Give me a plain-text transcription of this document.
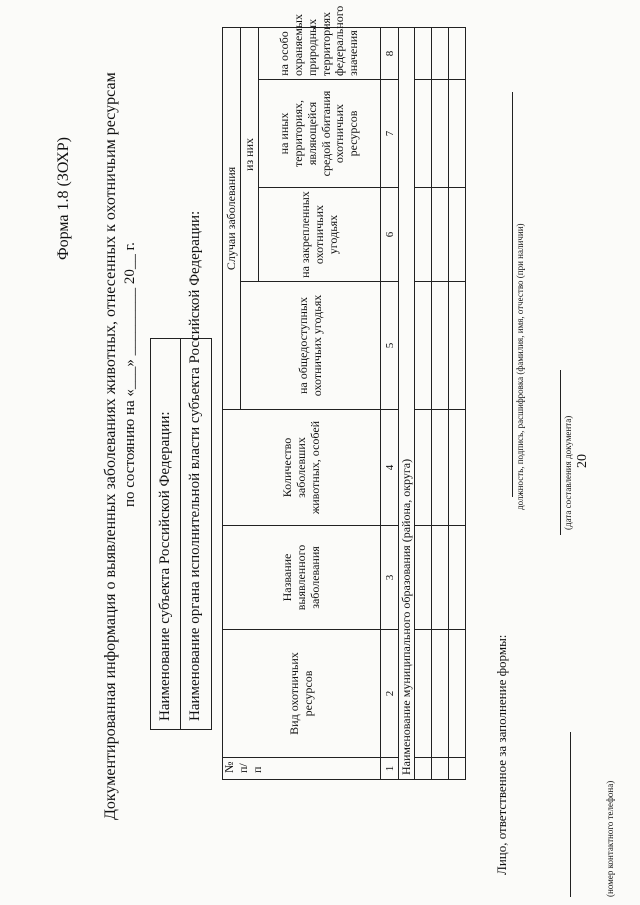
20
Форма 1.8 (ЗОХР) Документированная информация о выявленных заболеваниях животных, отнесенных к охотничьим ресурсам по состоянию на «___» _________ 20__ г.
Наименование субъекта Российской Федерации: Наименование органа исполнительной власти субъекта Российской Федерации:
№ п/п	Вид охотничьих ресурсов	Название выявленного заболевания	Количество заболевших животных, особей	Случаи заболевания			
				на общедоступных охотничьих угодьях	из них		
					на закрепленных охотничьих угодьях	на иных территориях, являющейся средой обитания охотничьих ресурсов	на особо охраняемых природных территориях федерального значения
1	2	3	4	5	6	7	8
Наименование муниципального образования (района, округа)							

								Лицо, ответственное за заполнение формы:
должность, подпись, расшифровка (фамилия, имя, отчество (при наличии)	(дата составления документа)
(номер контактного телефона)
